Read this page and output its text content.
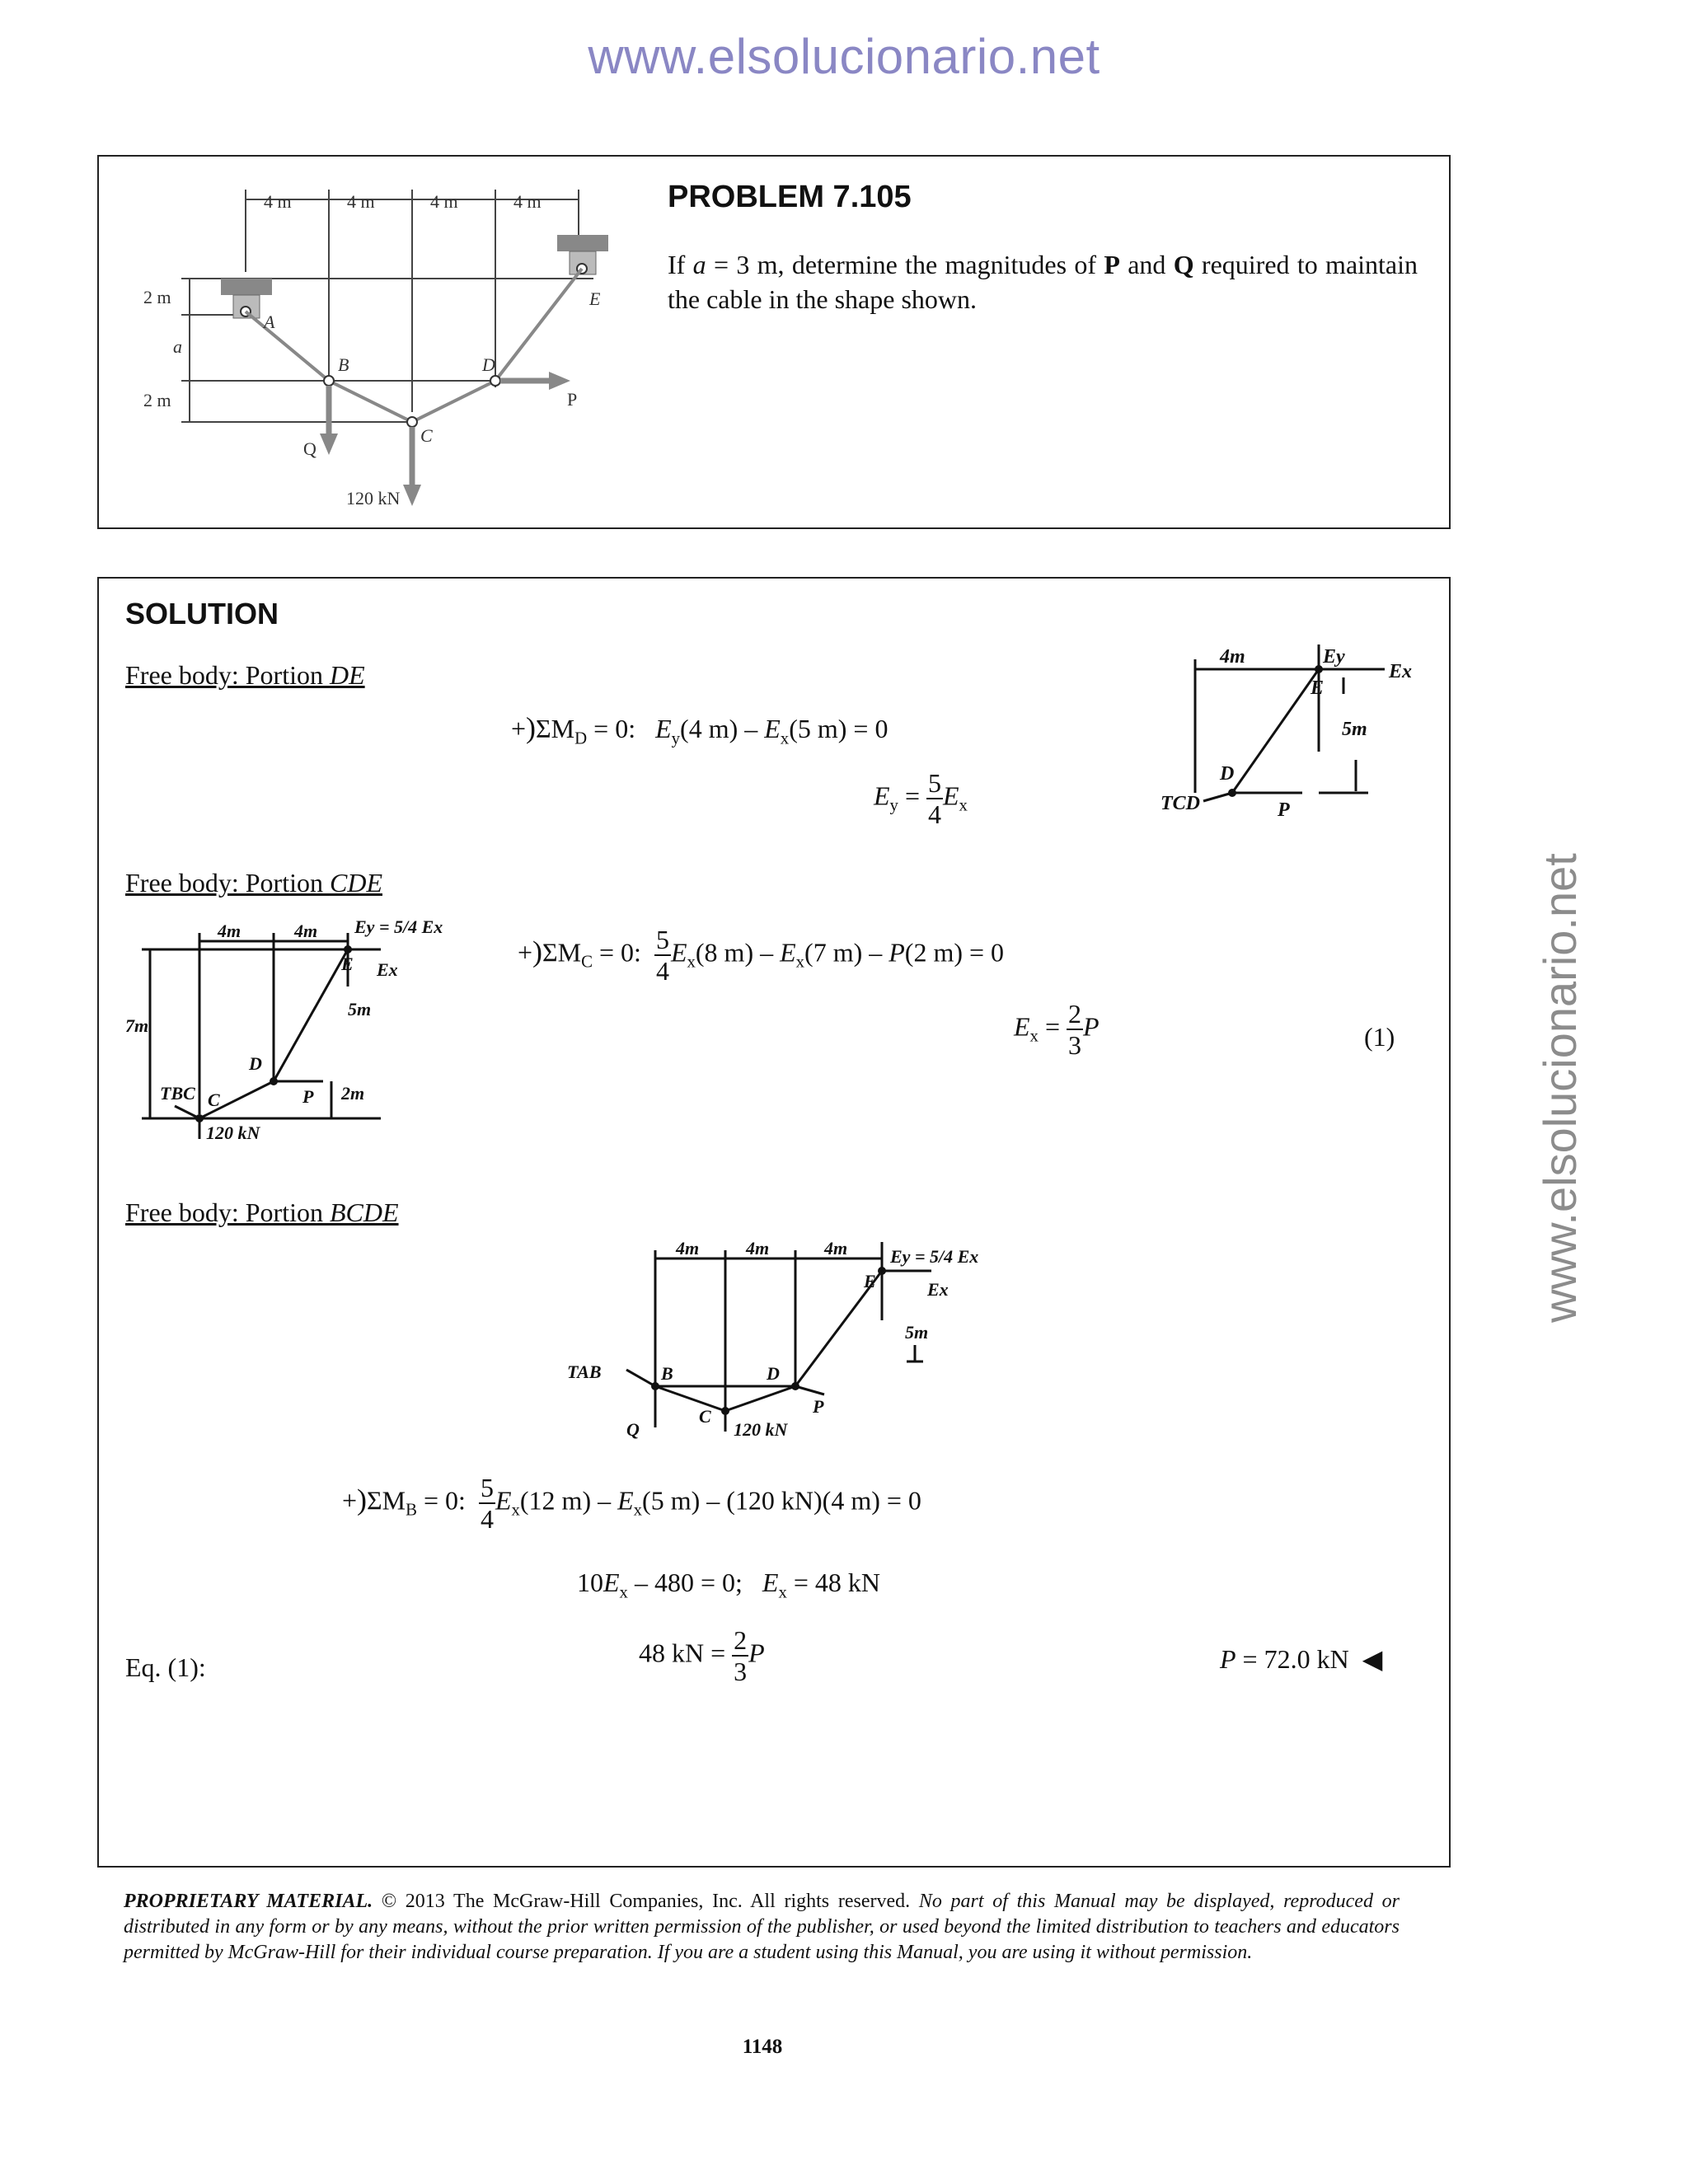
www.elsolucionario.net
www.elsolucionario.net
4 m	4 m	4 m	4 m
2 m
a
2 m
A
B
C
D
E
P
Q
120 kN
PROBLEM 7.105
If a = 3 m, determine the magnitudes of P and Q required to maintain the cable in the shape shown.
SOLUTION
Free body: Portion DE
$+)\Sigma M_D = 0$:   $E_y(4$ $m) - E_x(5$ m) = 0
$E_y = \frac{5}{4} E_x$
4m	Ey
Ex
E
5m
D
TCD	P
Free body: Portion CDE
4m	4m Ey = 5/4 Ex
Ex
E
7m
5m
2m
TBC C
D
P
120 kN
$+)\Sigma M_C = 0$: $\frac{5}{4} E_x(8$ $m) - E_x(7$ m) – P(2 m) = 0
$E_x = \frac{2}{3}$ P	(1)
Free body: Portion BCDE
4m	4m	4m Ey = 5/4 Ex
Ex
E
5m
TAB	B
C
D
P
Q	120 kN
$+)\Sigma M_B = 0$: $\frac{5}{4} E_x(12$ $m) - E_x(5$ m) – (120 kN)(4 m) = 0
$10E_x - 480 = 0$;   $E_x = 48$ kN
Eq. (1):	48 kN = $\frac{2}{3}$ P	P = 72.0 kN  ◀
PROPRIETARY MATERIAL. © 2013 The McGraw-Hill Companies, Inc. All rights reserved. No part of this Manual may be displayed, reproduced or distributed in any form or by any means, without the prior written permission of the publisher, or used beyond the limited distribution to teachers and educators permitted by McGraw-Hill for their individual course preparation. If you are a student using this Manual, you are using it without permission.
1148
